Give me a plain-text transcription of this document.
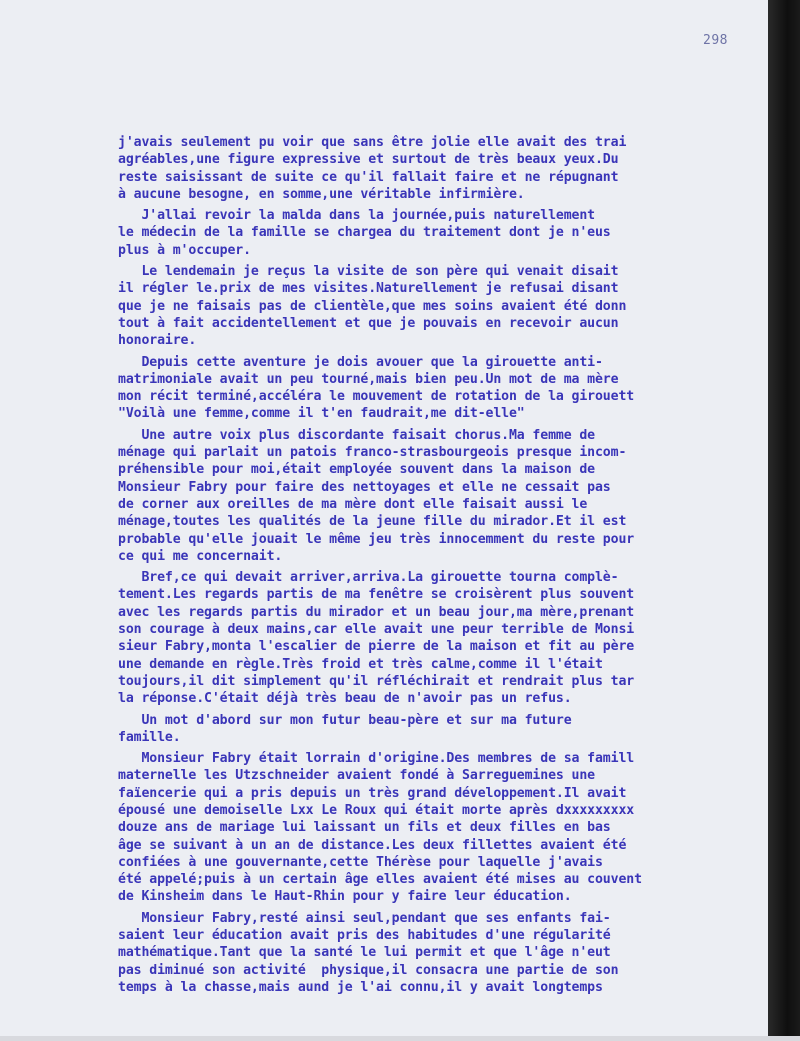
298
j'avais seulement pu voir que sans être jolie elle avait des trai
agréables,une figure expressive et surtout de très beaux yeux.Du
reste saisissant de suite ce qu'il fallait faire et ne répugnant
à aucune besogne, en somme,une véritable infirmière.
J'allai revoir la malda dans la journée,puis naturellement
le médecin de la famille se chargea du traitement dont je n'eus
plus à m'occuper.
Le lendemain je reçus la visite de son père qui venait disait
il régler le.prix de mes visites.Naturellement je refusai disant
que je ne faisais pas de clientèle,que mes soins avaient été donn
tout à fait accidentellement et que je pouvais en recevoir aucun
honoraire.
Depuis cette aventure je dois avouer que la girouette anti-
matrimoniale avait un peu tourné,mais bien peu.Un mot de ma mère
mon récit terminé,accéléra le mouvement de rotation de la girouett
"Voilà une femme,comme il t'en faudrait,me dit-elle"
Une autre voix plus discordante faisait chorus.Ma femme de
ménage qui parlait un patois franco-strasbourgeois presque incom-
préhensible pour moi,était employée souvent dans la maison de
Monsieur Fabry pour faire des nettoyages et elle ne cessait pas
de corner aux oreilles de ma mère dont elle faisait aussi le
ménage,toutes les qualités de la jeune fille du mirador.Et il est
probable qu'elle jouait le même jeu très innocemment du reste pour
ce qui me concernait.
Bref,ce qui devait arriver,arriva.La girouette tourna complè-
tement.Les regards partis de ma fenêtre se croisèrent plus souvent
avec les regards partis du mirador et un beau jour,ma mère,prenant
son courage à deux mains,car elle avait une peur terrible de Monsi
sieur Fabry,monta l'escalier de pierre de la maison et fit au père
une demande en règle.Très froid et très calme,comme il l'était
toujours,il dit simplement qu'il réfléchirait et rendrait plus tar
la réponse.C'était déjà très beau de n'avoir pas un refus.
Un mot d'abord sur mon futur beau-père et sur ma future
famille.
Monsieur Fabry était lorrain d'origine.Des membres de sa famill
maternelle les Utzschneider avaient fondé à Sarreguemines une
faïencerie qui a pris depuis un très grand développement.Il avait
épousé une demoiselle Lxx Le Roux qui était morte après dxxxxxxxxx
douze ans de mariage lui laissant un fils et deux filles en bas
âge se suivant à un an de distance.Les deux fillettes avaient été
confiées à une gouvernante,cette Thérèse pour laquelle j'avais
été appelé;puis à un certain âge elles avaient été mises au couvent
de Kinsheim dans le Haut-Rhin pour y faire leur éducation.
Monsieur Fabry,resté ainsi seul,pendant que ses enfants fai-
saient leur éducation avait pris des habitudes d'une régularité
mathématique.Tant que la santé le lui permit et que l'âge n'eut
pas diminué son activité  physique,il consacra une partie de son
temps à la chasse,mais aund je l'ai connu,il y avait longtemps
